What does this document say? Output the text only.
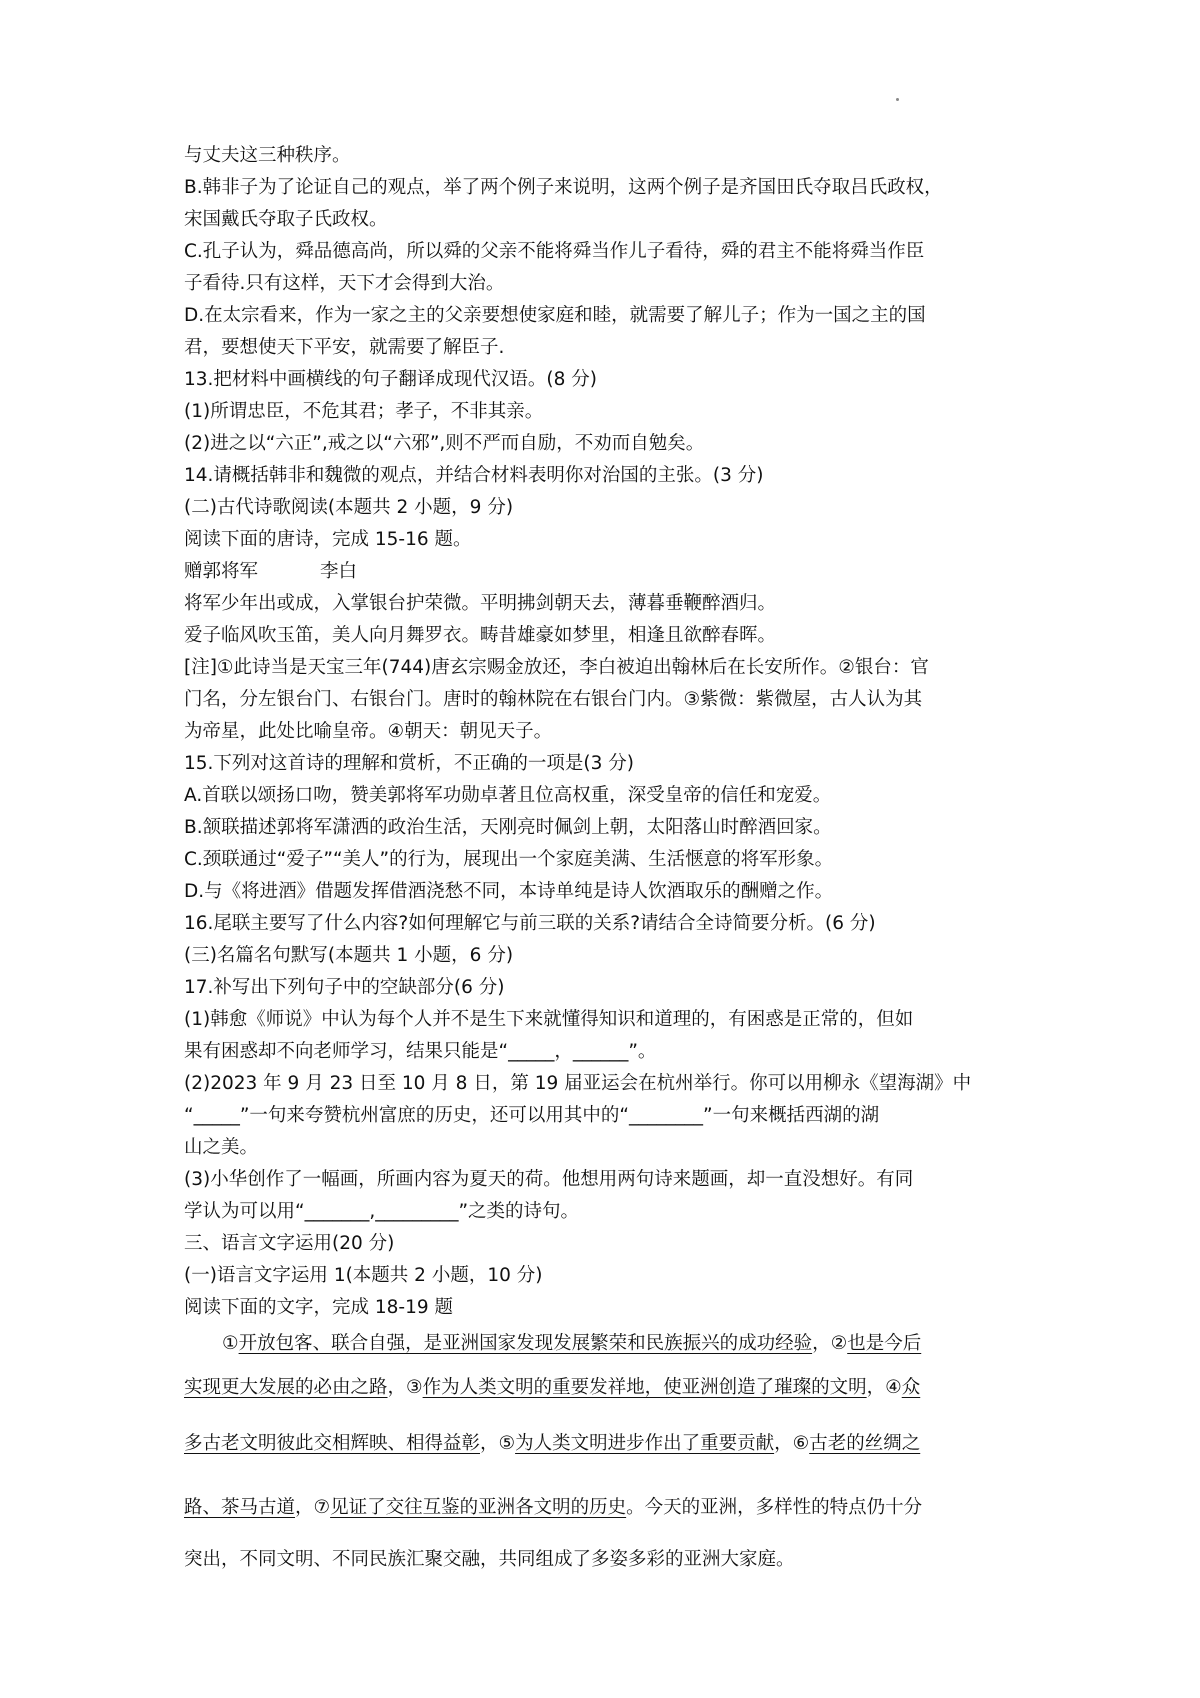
与丈夫这三种秩序。
B.韩非子为了论证自己的观点，举了两个例子来说明，这两个例子是齐国田氏夺取吕氏政权，
宋国戴氏夺取子氏政权。
C.孔子认为，舜品德高尚，所以舜的父亲不能将舜当作儿子看待，舜的君主不能将舜当作臣
子看待.只有这样，天下才会得到大治。
D.在太宗看来，作为一家之主的父亲要想使家庭和睦，就需要了解儿子；作为一国之主的国
君，要想使天下平安，就需要了解臣子.
13.把材料中画横线的句子翻译成现代汉语。(8 分)
(1)所谓忠臣，不危其君；孝子，不非其亲。
(2)进之以“六正”,戒之以“六邪”,则不严而自励，不劝而自勉矣。
14.请概括韩非和魏微的观点，并结合材料表明你对治国的主张。(3 分)
(二)古代诗歌阅读(本题共 2 小题，9 分)
阅读下面的唐诗，完成 15-16 题。
赠郭将军	李白
将军少年出或成，入掌银台护荣微。平明拂剑朝天去，薄暮垂鞭醉酒归。
爱子临风吹玉笛，美人向月舞罗衣。畴昔雄豪如梦里，相逢且欲醉春晖。
[注]①此诗当是天宝三年(744)唐玄宗赐金放还，李白被迫出翰林后在长安所作。②银台：官
门名，分左银台门、右银台门。唐时的翰林院在右银台门内。③紫微：紫微屋，古人认为其
为帝星，此处比喻皇帝。④朝天：朝见天子。
15.下列对这首诗的理解和赏析，不正确的一项是(3 分)
A.首联以颂扬口吻，赞美郭将军功勋卓著且位高权重，深受皇帝的信任和宠爱。
B.颔联描述郭将军潇洒的政治生活，天刚亮时佩剑上朝，太阳落山时醉酒回家。
C.颈联通过“爱子”“美人”的行为，展现出一个家庭美满、生活惬意的将军形象。
D.与《将进酒》借题发挥借酒浇愁不同，本诗单纯是诗人饮酒取乐的酬赠之作。
16.尾联主要写了什么内容?如何理解它与前三联的关系?请结合全诗简要分析。(6 分)
(三)名篇名句默写(本题共 1 小题，6 分)
17.补写出下列句子中的空缺部分(6 分)
(1)韩愈《师说》中认为每个人并不是生下来就懂得知识和道理的，有困惑是正常的，但如
果有困惑却不向老师学习，结果只能是“_____，______”。
(2)2023 年 9 月 23 日至 10 月 8 日，第 19 届亚运会在杭州举行。你可以用柳永《望海湖》中
“_____”一句来夸赞杭州富庶的历史，还可以用其中的“________”一句来概括西湖的湖
山之美。
(3)小华创作了一幅画，所画内容为夏天的荷。他想用两句诗来题画，却一直没想好。有同
学认为可以用“_______,_________”之类的诗句。
三、语言文字运用(20 分)
(一)语言文字运用 1(本题共 2 小题，10 分)
阅读下面的文字，完成 18-19 题
①开放包客、联合自强，是亚洲国家发现发展繁荣和民族振兴的成功经验，②也是今后
实现更大发展的必由之路，③作为人类文明的重要发祥地，使亚洲创造了璀璨的文明，④众
多古老文明彼此交相辉映、相得益彰，⑤为人类文明进步作出了重要贡献，⑥古老的丝绸之
路、茶马古道，⑦见证了交往互鉴的亚洲各文明的历史。今天的亚洲，多样性的特点仍十分
突出，不同文明、不同民族汇聚交融，共同组成了多姿多彩的亚洲大家庭。
